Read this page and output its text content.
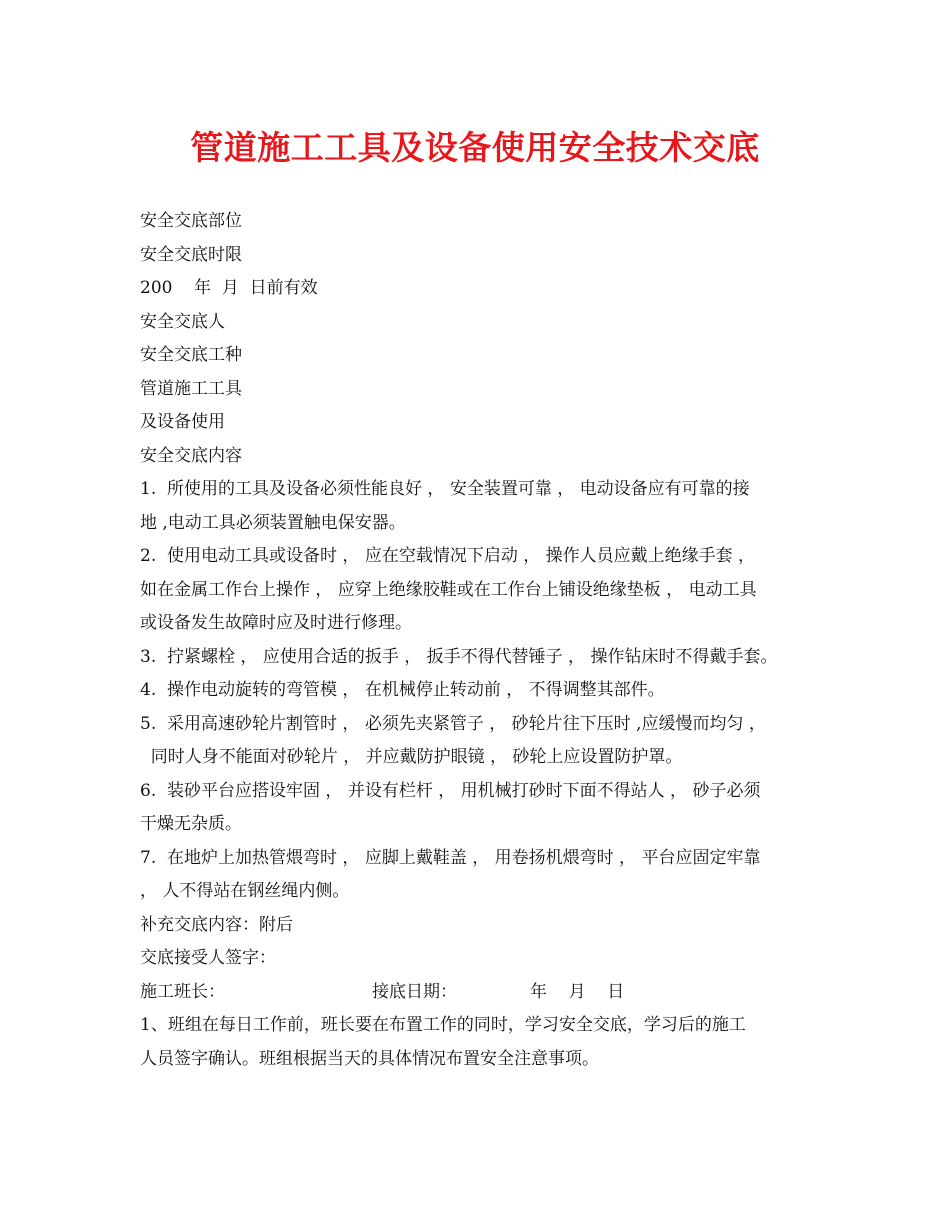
管道施工工具及设备使用安全技术交底
安全交底部位
安全交底时限
200    年  月  日前有效
安全交底人
安全交底工种
管道施工工具
及设备使用
安全交底内容
1.  所使用的工具及设备必须性能良好 ， 安全装置可靠 ， 电动设备应有可靠的接
地 ,电动工具必须装置触电保安器。
2.  使用电动工具或设备时 ， 应在空载情况下启动 ， 操作人员应戴上绝缘手套 ，
如在金属工作台上操作 ， 应穿上绝缘胶鞋或在工作台上铺设绝缘垫板 ， 电动工具
或设备发生故障时应及时进行修理。
3.  拧紧螺栓 ， 应使用合适的扳手 ， 扳手不得代替锤子 ， 操作钻床时不得戴手套。
4.  操作电动旋转的弯管模 ， 在机械停止转动前 ， 不得调整其部件。
5.  采用高速砂轮片割管时 ， 必须先夹紧管子 ， 砂轮片往下压时 ,应缓慢而均匀 ，
同时人身不能面对砂轮片 ， 并应戴防护眼镜 ， 砂轮上应设置防护罩。
6.  装砂平台应搭设牢固 ， 并设有栏杆 ， 用机械打砂时下面不得站人 ， 砂子必须
干燥无杂质。
7.  在地炉上加热管煨弯时 ， 应脚上戴鞋盖 ， 用卷扬机煨弯时 ， 平台应固定牢靠
， 人不得站在钢丝绳内侧。
补充交底内容：附后
交底接受人签字：
施工班长：	接底日期：	年    月    日
1、班组在每日工作前，班长要在布置工作的同时，学习安全交底，学习后的施工
人员签字确认。班组根据当天的具体情况布置安全注意事项。
